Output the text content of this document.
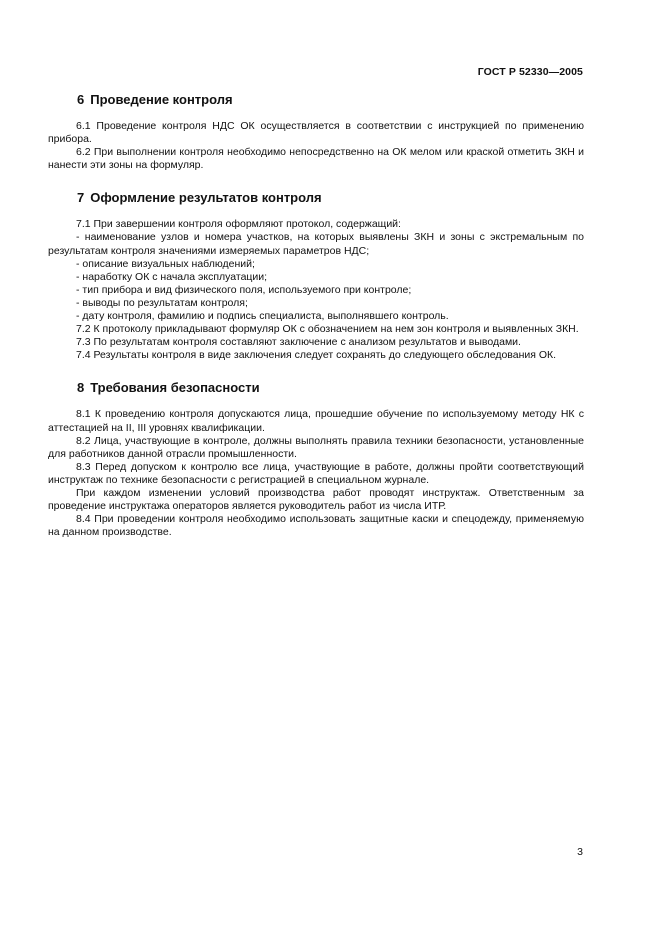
ГОСТ Р 52330—2005
6 Проведение контроля

6.1 Проведение контроля НДС ОК осуществляется в соответствии с инструкцией по применению прибора.

6.2 При выполнении контроля необходимо непосредственно на ОК мелом или краской отметить ЗКН и нанести эти зоны на формуляр.

7 Оформление результатов контроля

7.1 При завершении контроля оформляют протокол, содержащий:

- наименование узлов и номера участков, на которых выявлены ЗКН и зоны с экстремальным по результатам контроля значениями измеряемых параметров НДС;

- описание визуальных наблюдений;

- наработку ОК с начала эксплуатации;

- тип прибора и вид физического поля, используемого при контроле;

- выводы по результатам контроля;

- дату контроля, фамилию и подпись специалиста, выполнявшего контроль.

7.2 К протоколу прикладывают формуляр ОК с обозначением на нем зон контроля и выявленных ЗКН.

7.3 По результатам контроля составляют заключение с анализом результатов и выводами.

7.4 Результаты контроля в виде заключения следует сохранять до следующего обследования ОК.

8 Требования безопасности

8.1 К проведению контроля допускаются лица, прошедшие обучение по используемому методу НК с аттестацией на II, III уровнях квалификации.

8.2 Лица, участвующие в контроле, должны выполнять правила техники безопасности, установленные для работников данной отрасли промышленности.

8.3 Перед допуском к контролю все лица, участвующие в работе, должны пройти соответствующий инструктаж по технике безопасности с регистрацией в специальном журнале.

При каждом изменении условий производства работ проводят инструктаж. Ответственным за проведение инструктажа операторов является руководитель работ из числа ИТР.

8.4 При проведении контроля необходимо использовать защитные каски и спецодежду, применяемую на данном производстве.

3
